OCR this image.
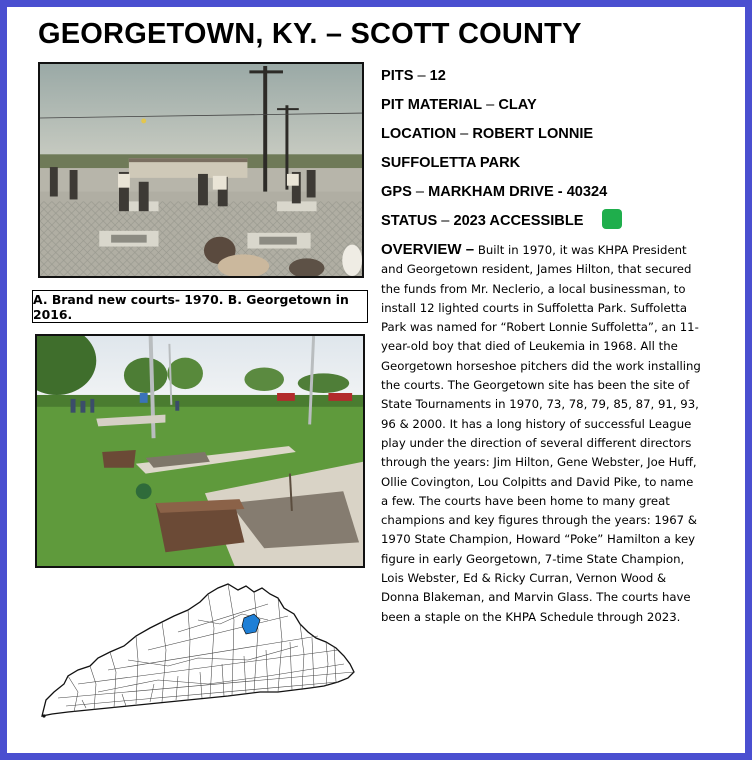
GEORGETOWN, KY. – SCOTT COUNTY
A. Brand new courts- 1970. B. Georgetown in 2016.
PITS – 12
PIT MATERIAL – CLAY
LOCATION – ROBERT LONNIE
SUFFOLETTA PARK
GPS – MARKHAM DRIVE - 40324
STATUS – 2023 ACCESSIBLE
OVERVIEW – Built in 1970, it was KHPA President and Georgetown resident, James Hilton, that secured the funds from Mr. Neclerio, a local businessman, to install 12 lighted courts in Suffoletta Park. Suffoletta Park was named for “Robert Lonnie Suffoletta”, an 11-year-old boy that died of Leukemia in 1968. All the Georgetown horseshoe pitchers did the work installing the courts. The Georgetown site has been the site of State Tournaments in 1970, 73, 78, 79, 85, 87, 91, 93, 96 & 2000. It has a long history of successful League play under the direction of several different directors through the years: Jim Hilton, Gene Webster, Joe Huff, Ollie Covington, Lou Colpitts and David Pike, to name a few. The courts have been home to many great champions and key figures through the years: 1967 & 1970 State Champion, Howard “Poke” Hamilton a key figure in early Georgetown, 7-time State Champion, Lois Webster, Ed & Ricky Curran, Vernon Wood & Donna Blakeman, and Marvin Glass. The courts have been a staple on the KHPA Schedule through 2023.
